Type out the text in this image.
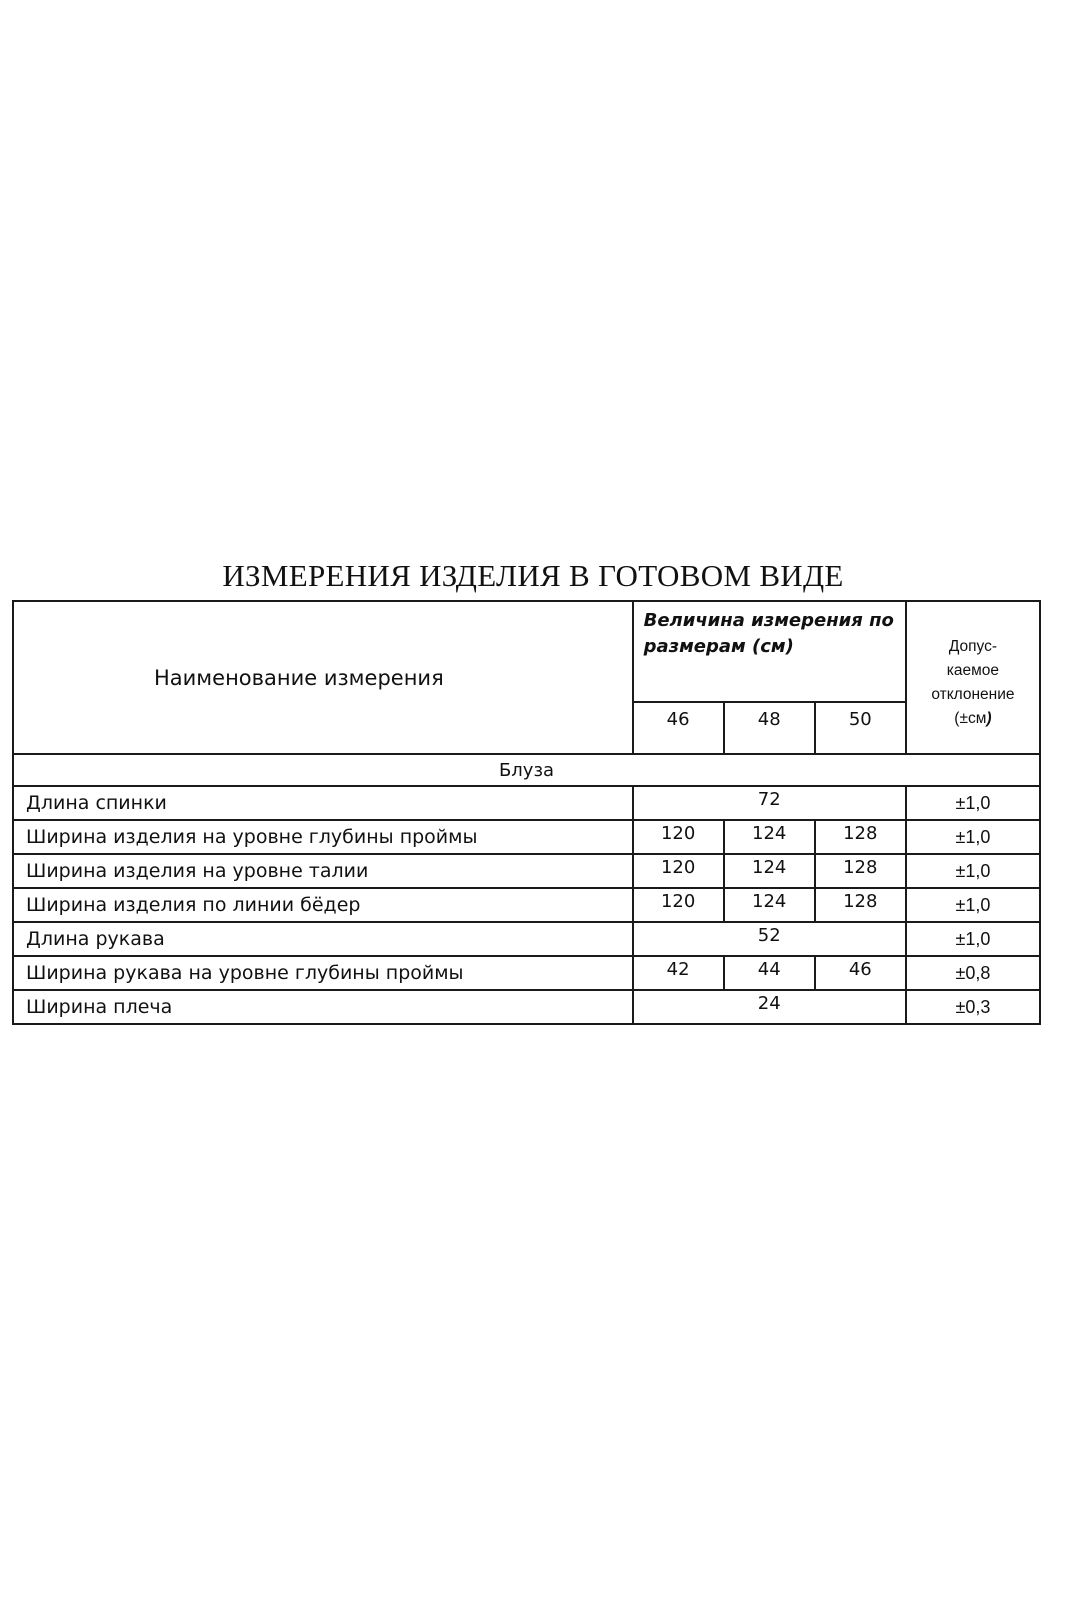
ИЗМЕРЕНИЯ ИЗДЕЛИЯ В ГОТОВОМ ВИДЕ
Наименование измерения	Величина измерения по размерам (см)			Допус-
каемое
отклонение
(±см)

	46	48	50	
Блуза				
Длина спинки	72			±1,0
Ширина изделия на уровне глубины проймы	120	124	128	±1,0
Ширина изделия на уровне талии	120	124	128	±1,0
Ширина изделия по линии бёдер	120	124	128	±1,0
Длина рукава	52			±1,0
Ширина рукава на уровне глубины проймы	42	44	46	±0,8
Ширина плеча	24			±0,3
